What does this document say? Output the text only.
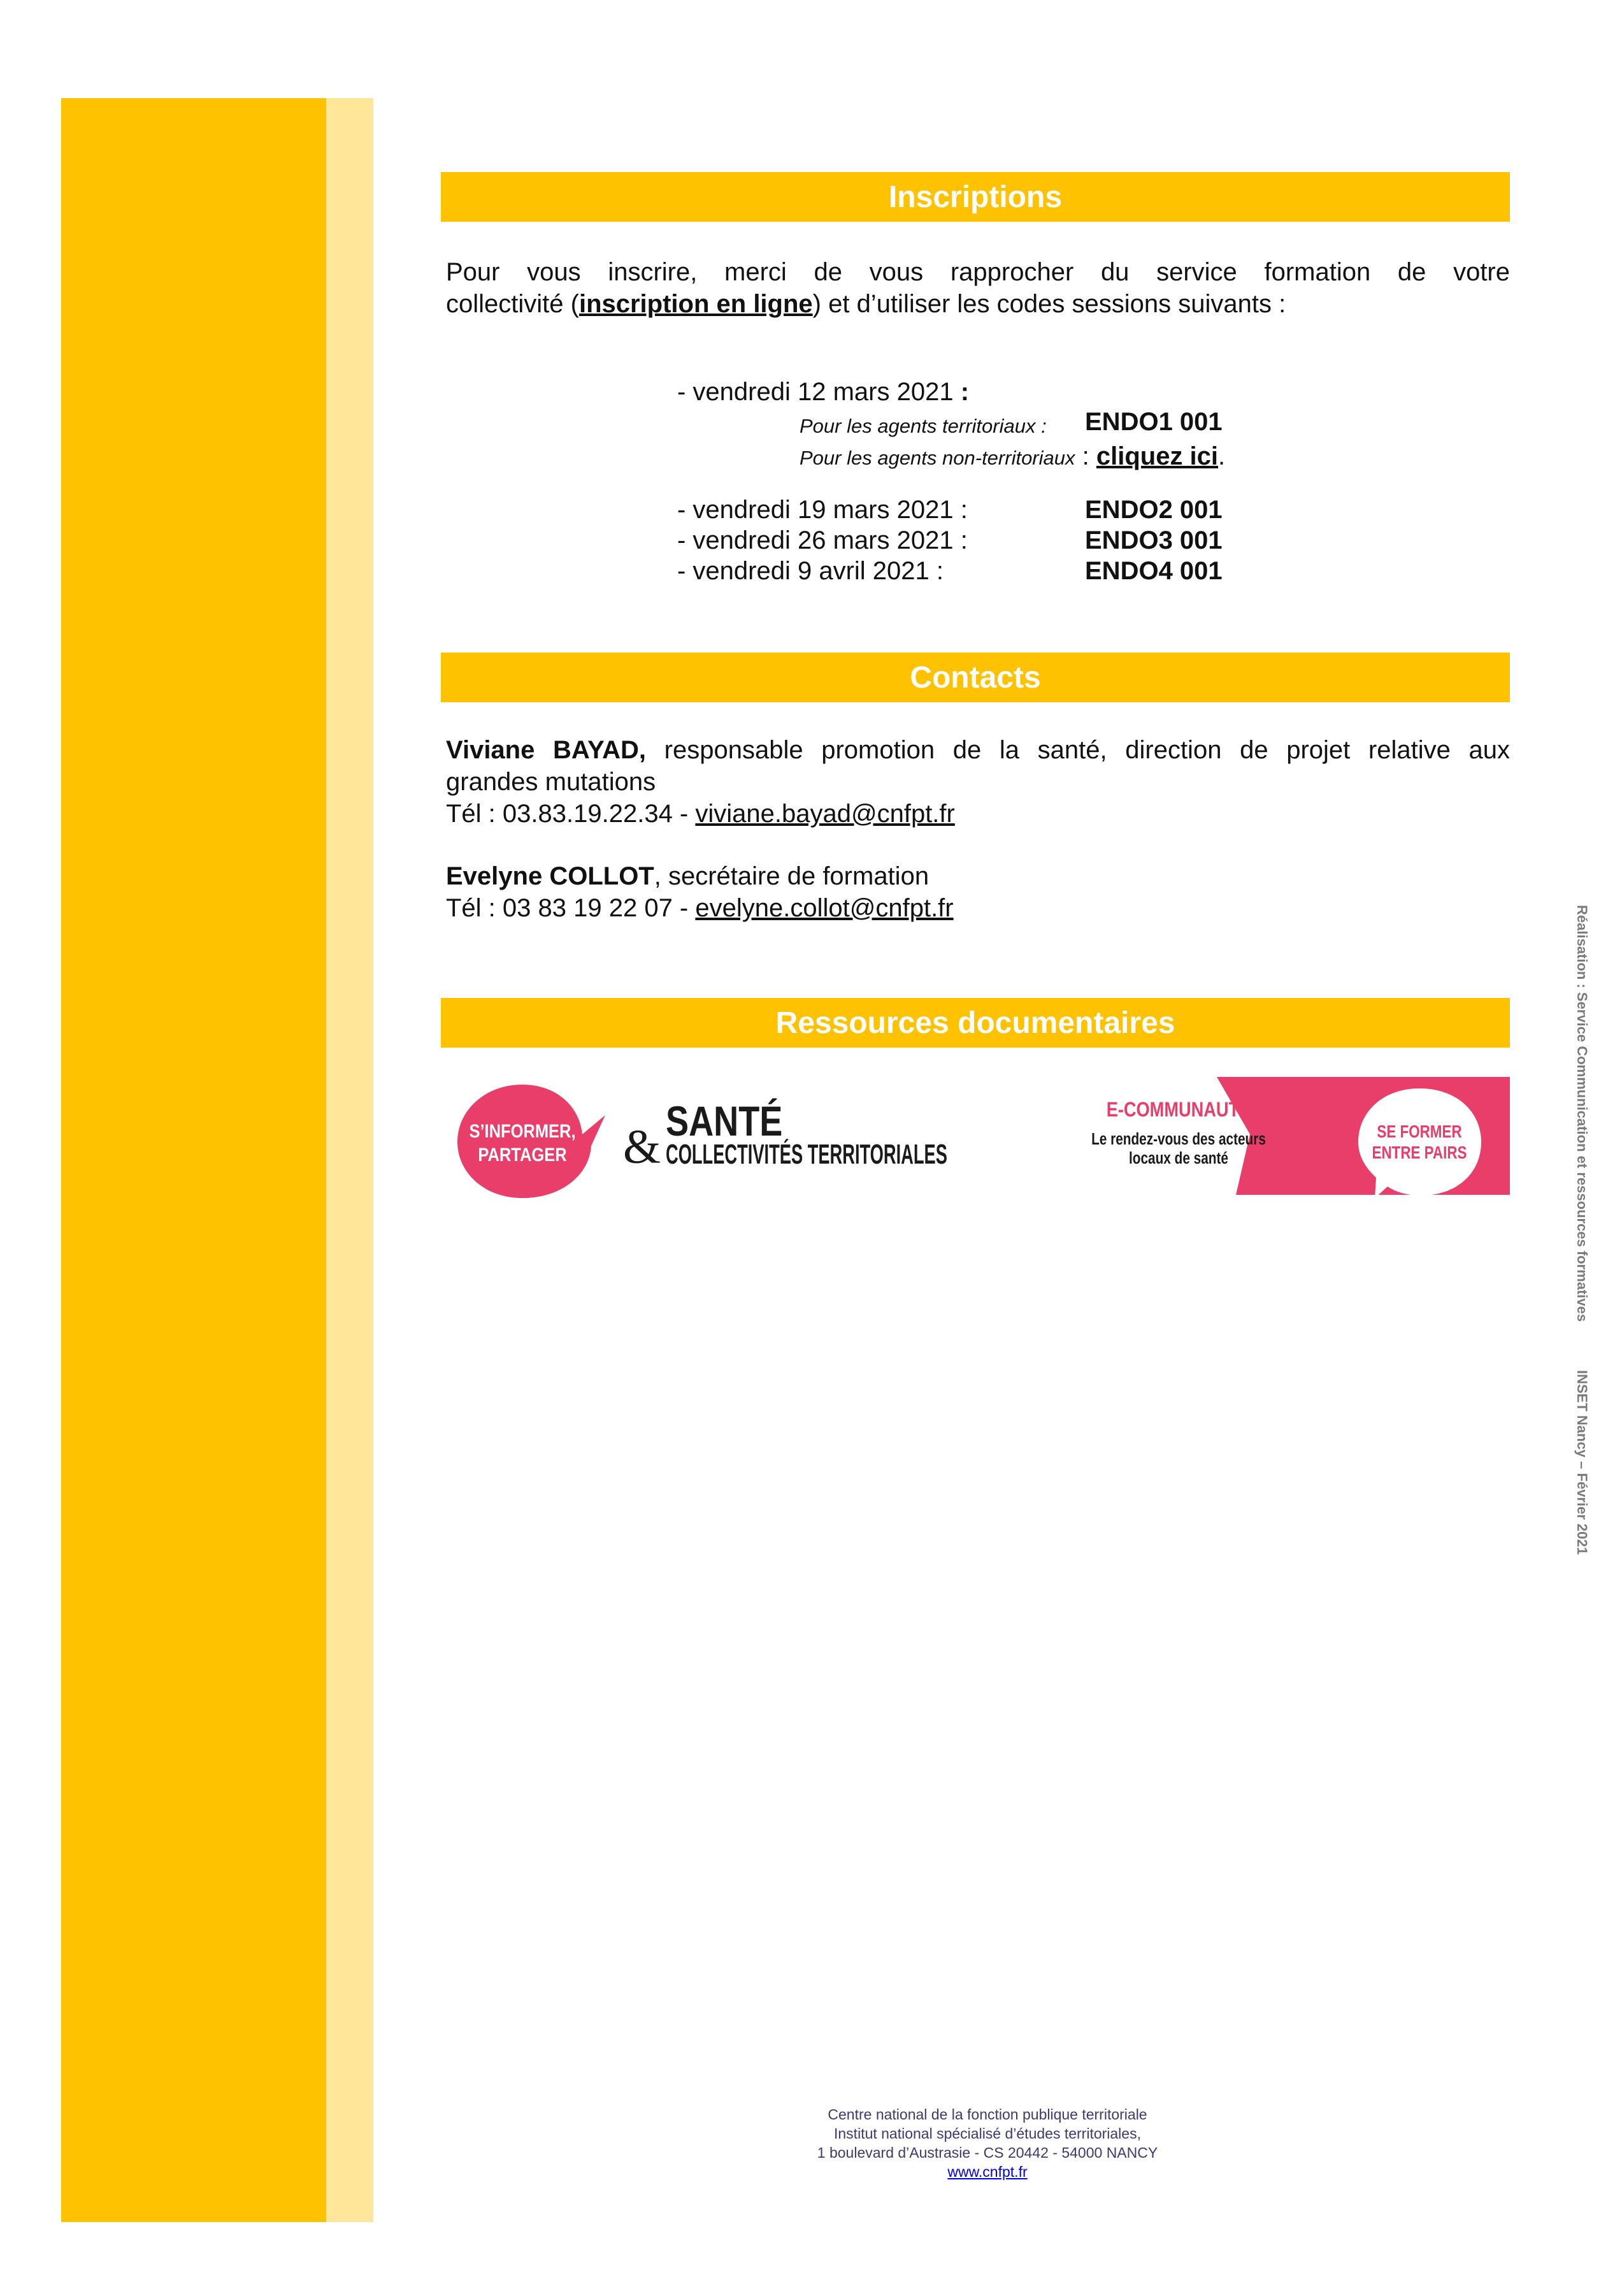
Inscriptions
Pour vous inscrire, merci de vous rapprocher du service formation de votre
collectivité (inscription en ligne) et d’utiliser les codes sessions suivants :
- vendredi 12 mars 2021 :
Pour les agents territoriaux : ENDO1 001
Pour les agents non-territoriaux : cliquez ici.
- vendredi 19 mars 2021 :	ENDO2 001
- vendredi 26 mars 2021 :	ENDO3 001
- vendredi 9 avril 2021 :	ENDO4 001
Contacts
Viviane BAYAD, responsable promotion de la santé, direction de projet relative aux
grandes mutations
Tél : 03.83.19.22.34 - viviane.bayad@cnfpt.fr
Evelyne COLLOT, secrétaire de formation
Tél : 03 83 19 22 07 - evelyne.collot@cnfpt.fr
Ressources documentaires
S’INFORMER,
PARTAGER & SANTÉ
COLLECTIVITÉS TERRITORIALES
E-COMMUNAUTÉ
Le rendez-vous des acteurs
locaux de santé
SE FORMER
ENTRE PAIRS	Réalisation : Service Communication et ressources formatives
INSET Nancy – Février 2021
Centre national de la fonction publique territoriale
Institut national spécialisé d’études territoriales,
1 boulevard d’Austrasie - CS 20442 - 54000 NANCY
www.cnfpt.fr
